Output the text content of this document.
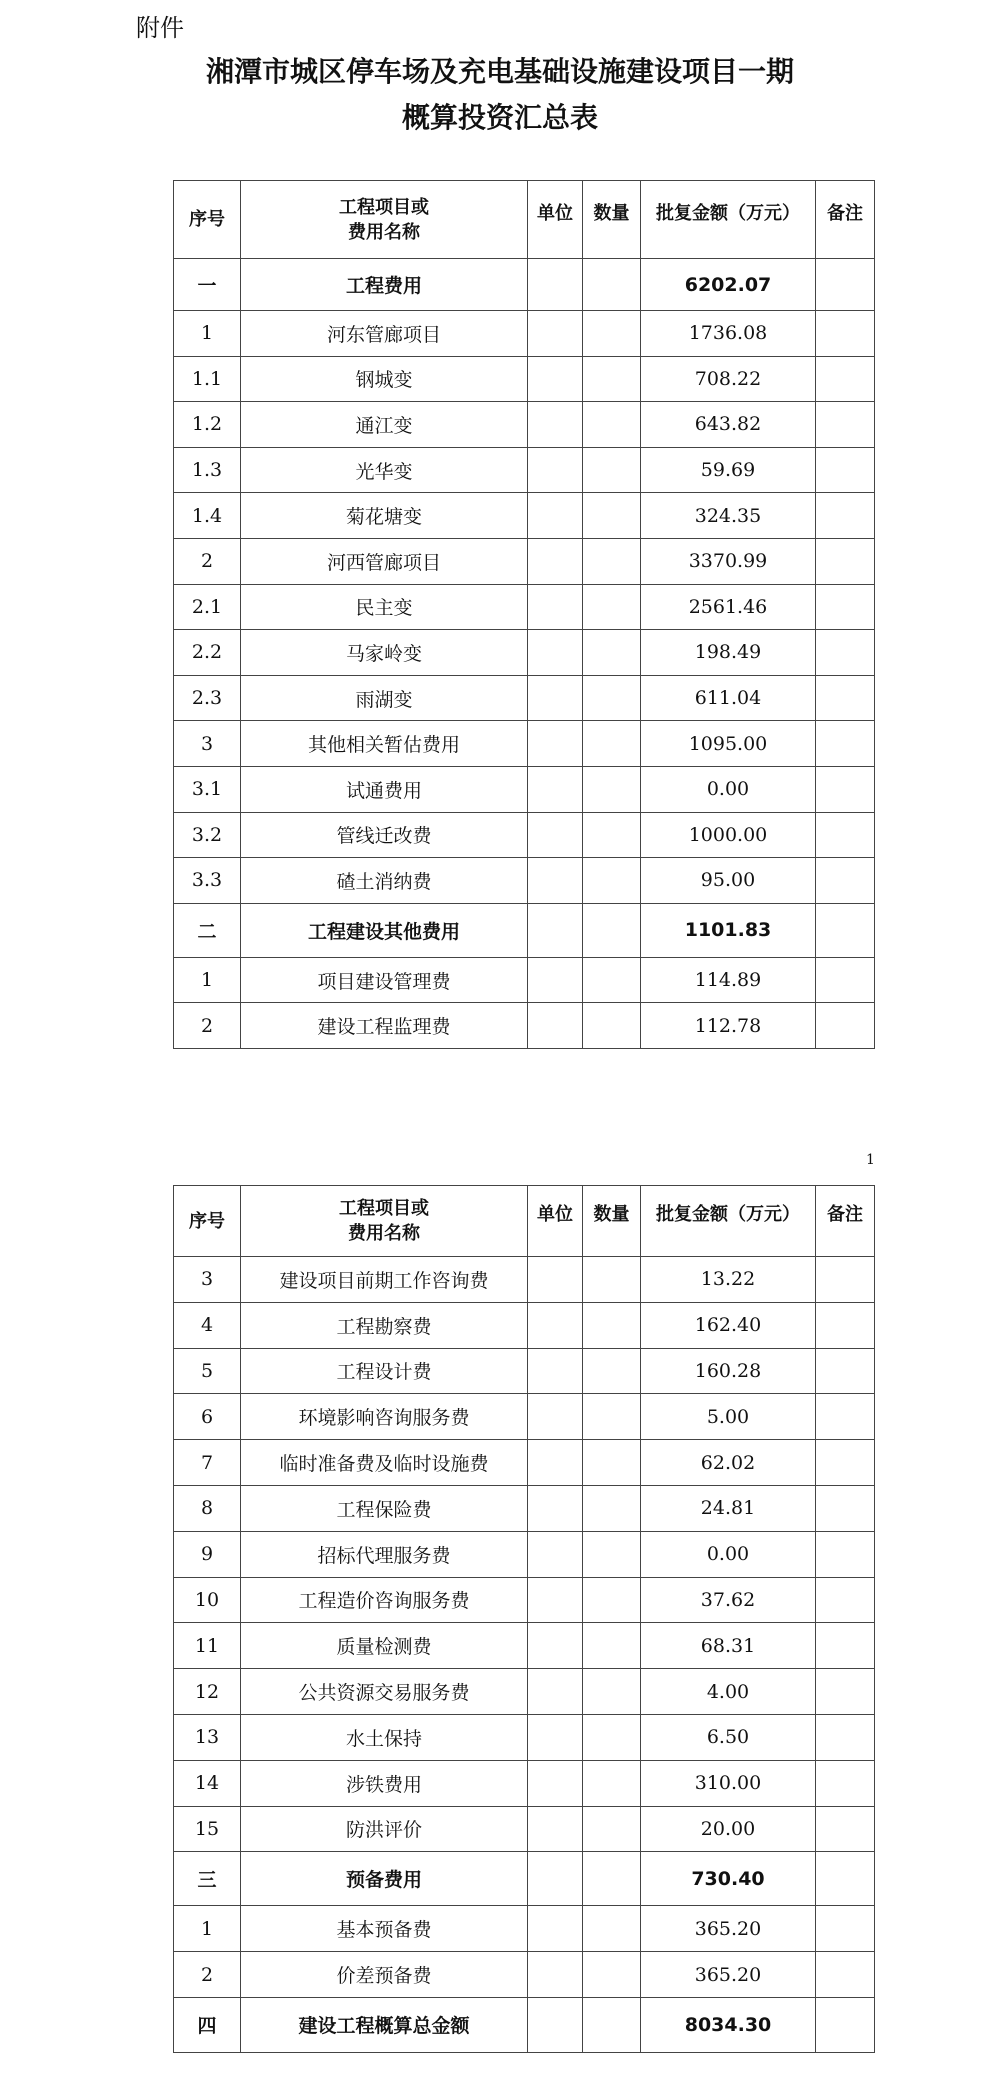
附件
湘潭市城区停车场及充电基础设施建设项目一期
概算投资汇总表
序号	工程项目或
费用名称	单位	数量	批复金额（万元）	备注
一	工程费用			6202.07	
1	河东管廊项目			1736.08	
1.1	钢城变			708.22	
1.2	通江变			643.82	
1.3	光华变			59.69	
1.4	菊花塘变			324.35	
2	河西管廊项目			3370.99	
2.1	民主变			2561.46	
2.2	马家岭变			198.49	
2.3	雨湖变			611.04	
3	其他相关暂估费用			1095.00	
3.1	试通费用			0.00	
3.2	管线迁改费			1000.00	
3.3	碴土消纳费			95.00	
二	工程建设其他费用			1101.83	
1	项目建设管理费			114.89	
2	建设工程监理费			112.78	
1
序号	工程项目或
费用名称	单位	数量	批复金额（万元）	备注
3	建设项目前期工作咨询费			13.22	
4	工程勘察费			162.40	
5	工程设计费			160.28	
6	环境影响咨询服务费			5.00	
7	临时准备费及临时设施费			62.02	
8	工程保险费			24.81	
9	招标代理服务费			0.00	
10	工程造价咨询服务费			37.62	
11	质量检测费			68.31	
12	公共资源交易服务费			4.00	
13	水土保持			6.50	
14	涉铁费用			310.00	
15	防洪评价			20.00	
三	预备费用			730.40	
1	基本预备费			365.20	
2	价差预备费			365.20	
四	建设工程概算总金额			8034.30	
